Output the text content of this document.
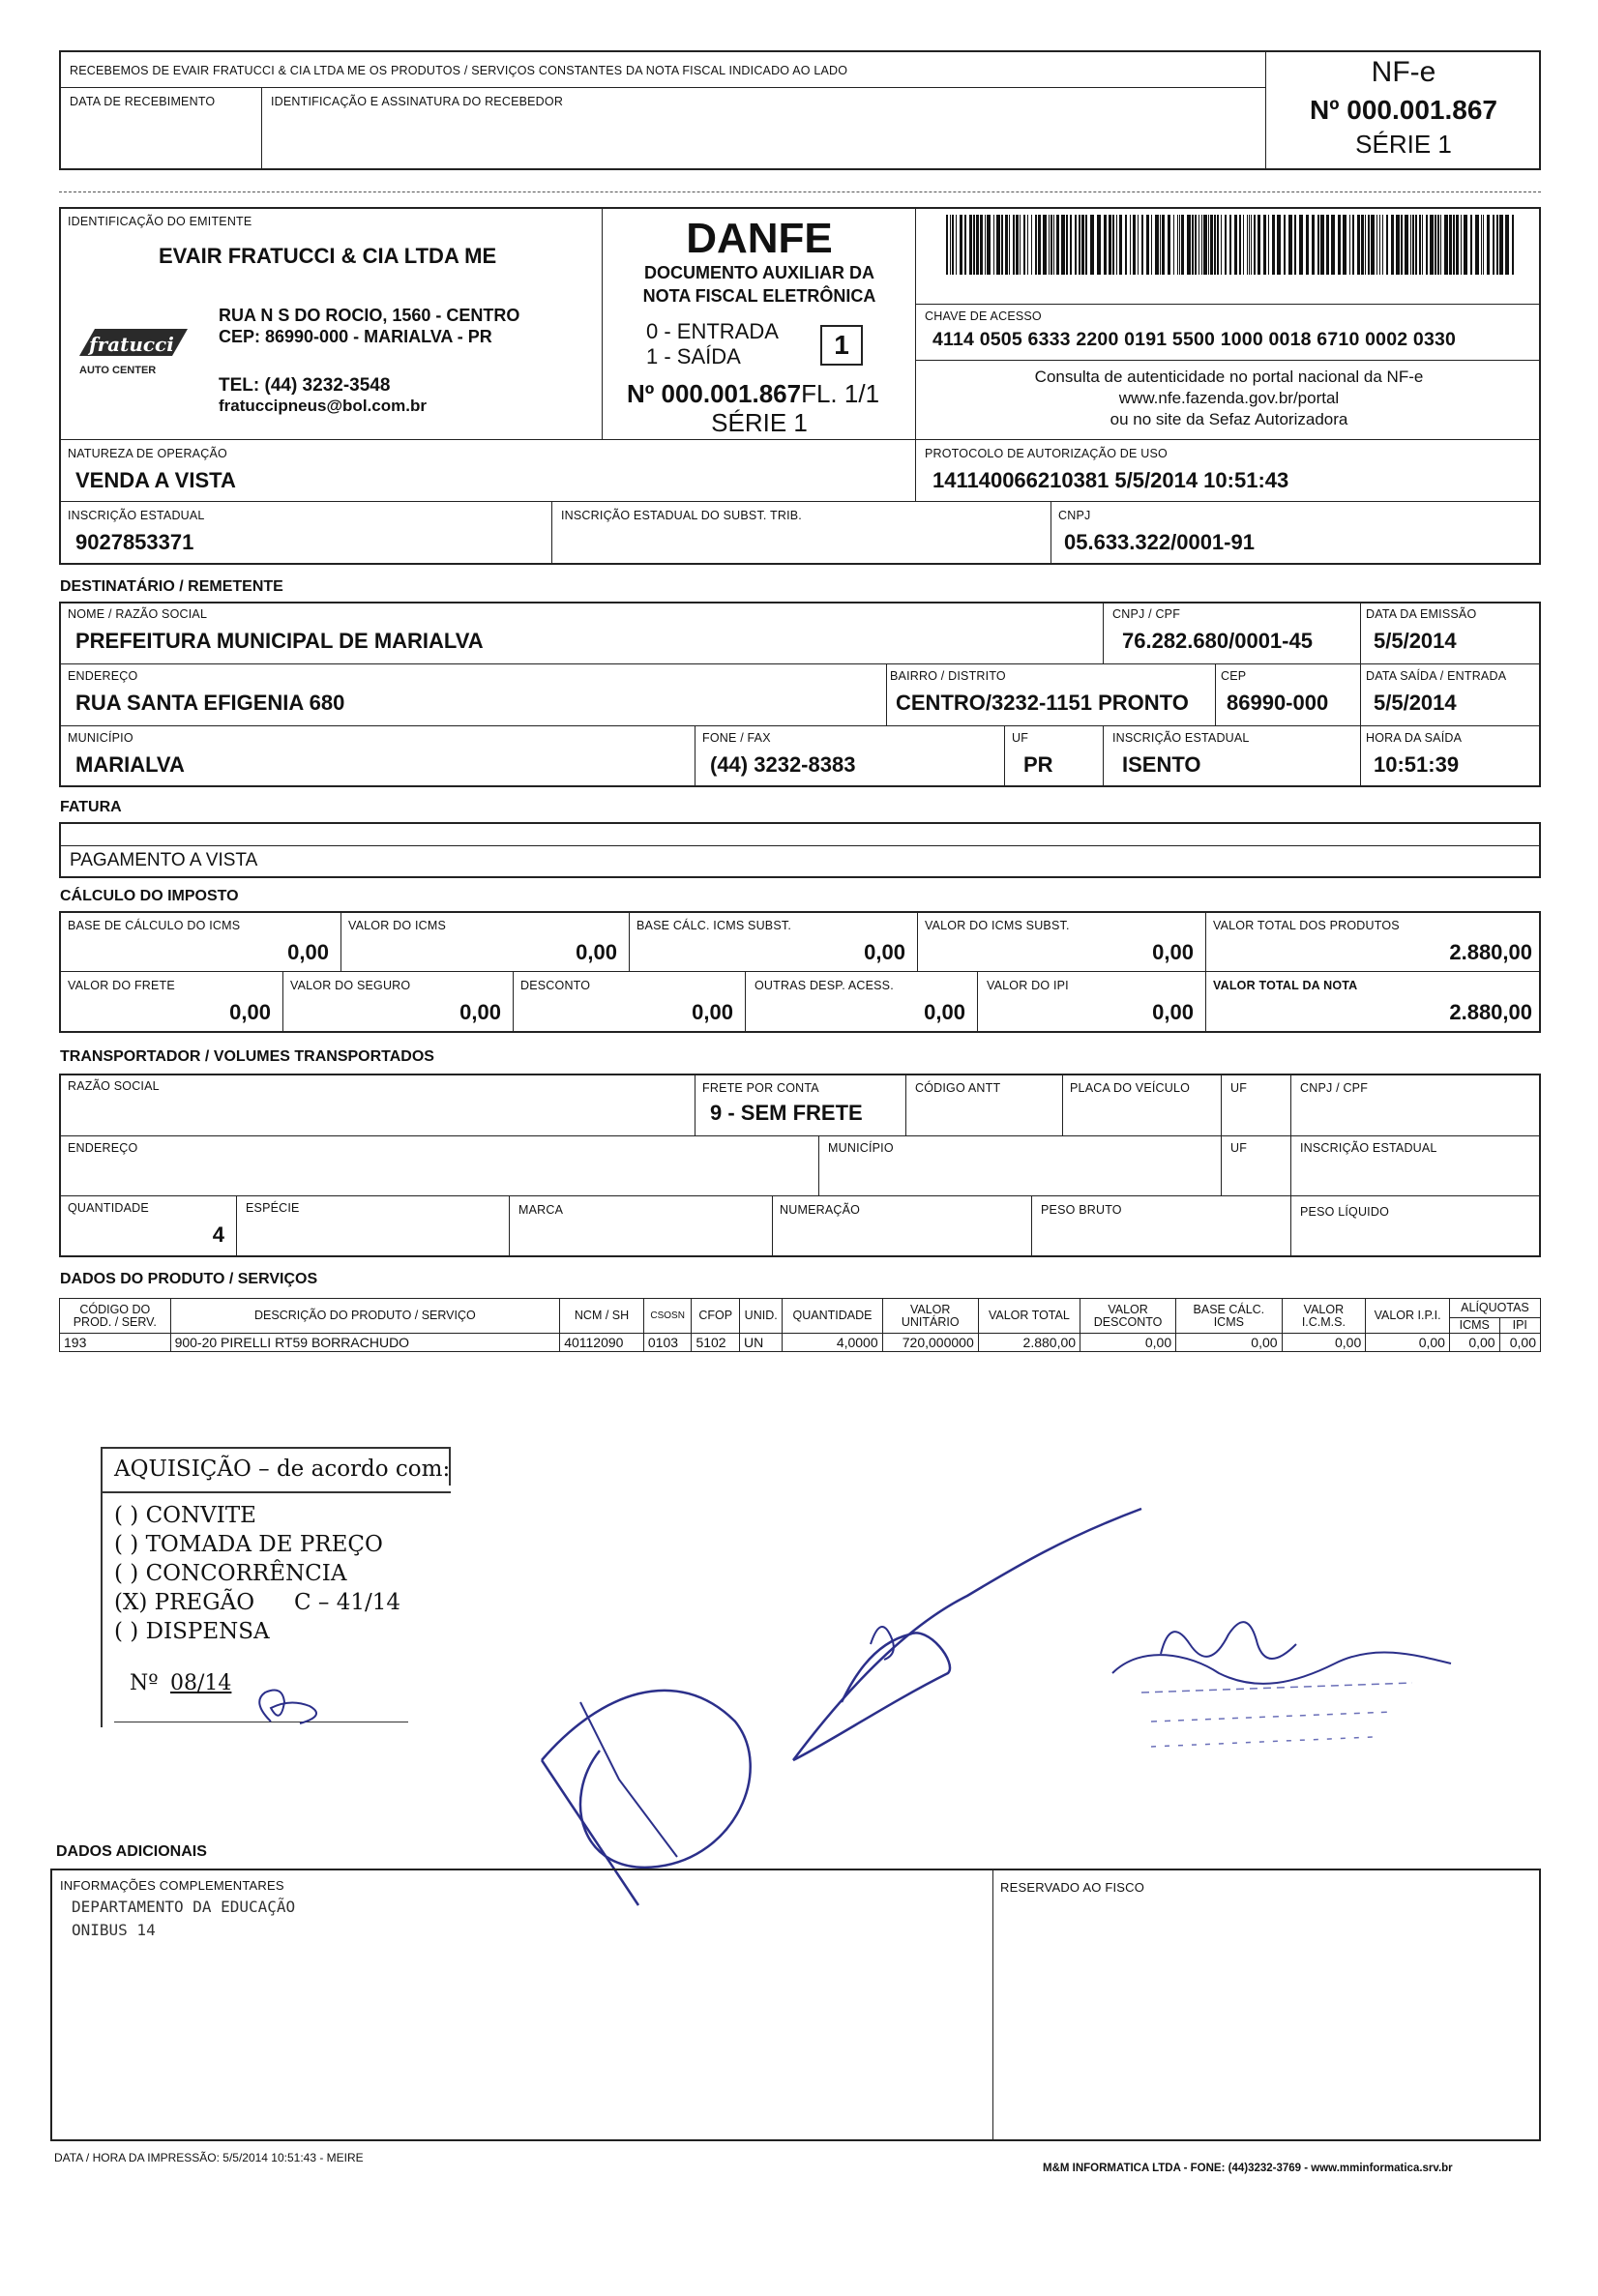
RECEBEMOS DE EVAIR FRATUCCI & CIA LTDA ME OS PRODUTOS / SERVIÇOS CONSTANTES DA NOTA FISCAL INDICADO AO LADO
DATA DE RECEBIMENTO	IDENTIFICAÇÃO E ASSINATURA DO RECEBEDOR
NF-e
Nº 000.001.867
SÉRIE 1
IDENTIFICAÇÃO DO EMITENTE
EVAIR FRATUCCI & CIA LTDA ME
fratucci
AUTO CENTER
RUA N S DO ROCIO, 1560 - CENTRO
CEP: 86990-000 - MARIALVA - PR
TEL: (44) 3232-3548
fratuccipneus@bol.com.br
DANFE
DOCUMENTO AUXILIAR DA
NOTA FISCAL ELETRÔNICA
0 - ENTRADA
1 - SAÍDA	1
Nº 000.001.867FL. 1/1
SÉRIE 1
CHAVE DE ACESSO
4114 0505 6333 2200 0191 5500 1000 0018 6710 0002 0330
Consulta de autenticidade no portal nacional da NF-e
www.nfe.fazenda.gov.br/portal
ou no site da Sefaz Autorizadora
NATUREZA DE OPERAÇÃO
VENDA A VISTA
PROTOCOLO DE AUTORIZAÇÃO DE USO
141140066210381 5/5/2014 10:51:43
INSCRIÇÃO ESTADUAL
9027853371
INSCRIÇÃO ESTADUAL DO SUBST. TRIB.	CNPJ
05.633.322/0001-91
DESTINATÁRIO / REMETENTE
NOME / RAZÃO SOCIAL
PREFEITURA MUNICIPAL DE MARIALVA
CNPJ / CPF
76.282.680/0001-45
DATA DA EMISSÃO
5/5/2014
ENDEREÇO
RUA SANTA EFIGENIA 680
BAIRRO / DISTRITO
CENTRO/3232-1151 PRONTO
CEP
86990-000
DATA SAÍDA / ENTRADA
5/5/2014
MUNICÍPIO
MARIALVA
FONE / FAX
(44) 3232-8383
UF
PR
INSCRIÇÃO ESTADUAL
ISENTO
HORA DA SAÍDA
10:51:39
FATURA
PAGAMENTO A VISTA
CÁLCULO DO IMPOSTO
BASE DE CÁLCULO DO ICMS
0,00
VALOR DO ICMS
0,00
BASE CÁLC. ICMS SUBST.
0,00
VALOR DO ICMS SUBST.
0,00
VALOR TOTAL DOS PRODUTOS
2.880,00
VALOR DO FRETE
0,00
VALOR DO SEGURO
0,00
DESCONTO
0,00
OUTRAS DESP. ACESS.
0,00
VALOR DO IPI
0,00
VALOR TOTAL DA NOTA
2.880,00
TRANSPORTADOR / VOLUMES TRANSPORTADOS
RAZÃO SOCIAL	FRETE POR CONTA
9 - SEM FRETE
CÓDIGO ANTT	PLACA DO VEÍCULO	UF	CNPJ / CPF
ENDEREÇO	MUNICÍPIO	UF	INSCRIÇÃO ESTADUAL
QUANTIDADE
4
ESPÉCIE	MARCA	NUMERAÇÃO	PESO BRUTO	PESO LÍQUIDO
DADOS DO PRODUTO / SERVIÇOS
CÓDIGO DO PROD. / SERV.	DESCRIÇÃO DO PRODUTO / SERVIÇO	NCM / SH	CSOSN	CFOP	UNID.	QUANTIDADE	VALOR UNITÁRIO	VALOR TOTAL	VALOR DESCONTO	BASE CÁLC. ICMS	VALOR I.C.M.S.	VALOR I.P.I.	ALÍQUOTAS	
													ICMS	IPI
193	900-20 PIRELLI RT59 BORRACHUDO	40112090	0103	5102	UN	4,0000	720,000000	2.880,00	0,00	0,00	0,00	0,00	0,00	0,00
AQUISIÇÃO – de acordo com:
( ) CONVITE
( ) TOMADA DE PREÇO
( ) CONCORRÊNCIA
(X) PREGÃO C – 41/14
( ) DISPENSA
Nº 08/14
DADOS ADICIONAIS
INFORMAÇÕES COMPLEMENTARES
DEPARTAMENTO DA EDUCAÇÃO
ONIBUS 14
RESERVADO AO FISCO
DATA / HORA DA IMPRESSÃO: 5/5/2014 10:51:43 - MEIRE
M&M INFORMATICA LTDA - FONE: (44)3232-3769 - www.mminformatica.srv.br
